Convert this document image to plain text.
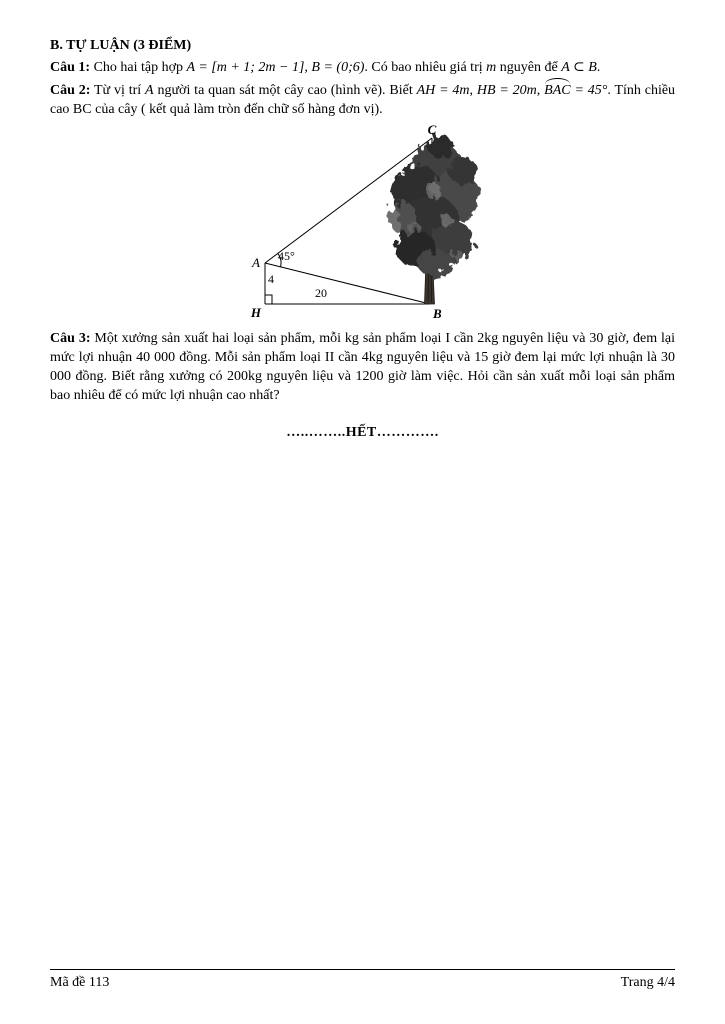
B. TỰ LUẬN (3 ĐIỂM)

Câu 1: Cho hai tập hợp A = [m + 1; 2m − 1], B = (0;6). Có bao nhiêu giá trị m nguyên để A ⊂ B.

Câu 2: Từ vị trí A người ta quan sát một cây cao (hình vẽ). Biết AH = 4m, HB = 20m, BAC = 45°. Tính chiều cao BC của cây ( kết quả làm tròn đến chữ số hàng đơn vị).

C
A
H	B
45°
4
20

Câu 3: Một xưởng sản xuất hai loại sản phẩm, mỗi kg sản phẩm loại I cần 2kg nguyên liệu và 30 giờ, đem lại mức lợi nhuận 40 000 đồng. Mỗi sản phẩm loại II cần 4kg nguyên liệu và 15 giờ đem lại mức lợi nhuận là 30 000 đồng. Biết rằng xưởng có 200kg nguyên liệu và 1200 giờ làm việc. Hỏi cần sản xuất mỗi loại sản phẩm bao nhiêu để có mức lợi nhuận cao nhất?

…..……..HẾT………….
Mã đề 113	Trang 4/4
